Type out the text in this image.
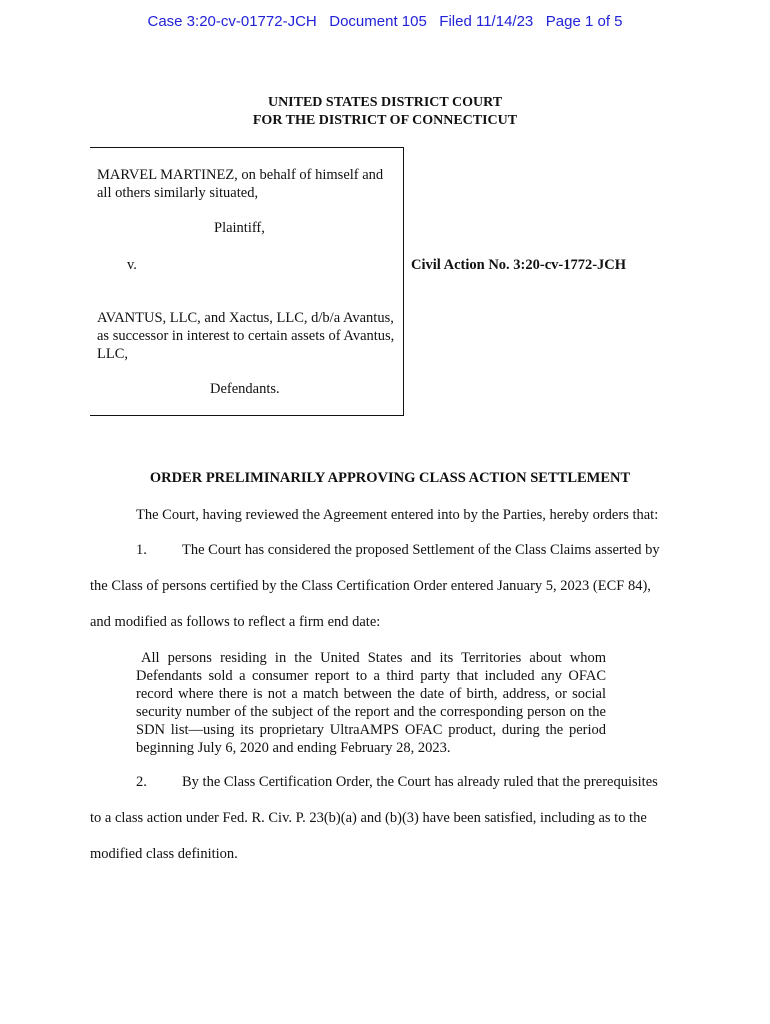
Case 3:20-cv-01772-JCH   Document 105   Filed 11/14/23   Page 1 of 5
UNITED STATES DISTRICT COURT
FOR THE DISTRICT OF CONNECTICUT
MARVEL MARTINEZ, on behalf of himself and all others similarly situated,
Plaintiff,
v.
AVANTUS, LLC, and Xactus, LLC, d/b/a Avantus, as successor in interest to certain assets of Avantus, LLC,
Defendants.
Civil Action No. 3:20-cv-1772-JCH
ORDER PRELIMINARILY APPROVING CLASS ACTION SETTLEMENT
The Court, having reviewed the Agreement entered into by the Parties, hereby orders that:
1. The Court has considered the proposed Settlement of the Class Claims asserted by
the Class of persons certified by the Class Certification Order entered January 5, 2023 (ECF 84),
and modified as follows to reflect a firm end date:
All persons residing in the United States and its Territories about whom Defendants sold a consumer report to a third party that included any OFAC record where there is not a match between the date of birth, address, or social security number of the subject of the report and the corresponding person on the SDN list—using its proprietary UltraAMPS OFAC product, during the period beginning July 6, 2020 and ending February 28, 2023.
2. By the Class Certification Order, the Court has already ruled that the prerequisites
to a class action under Fed. R. Civ. P. 23(b)(a) and (b)(3) have been satisfied, including as to the
modified class definition.
